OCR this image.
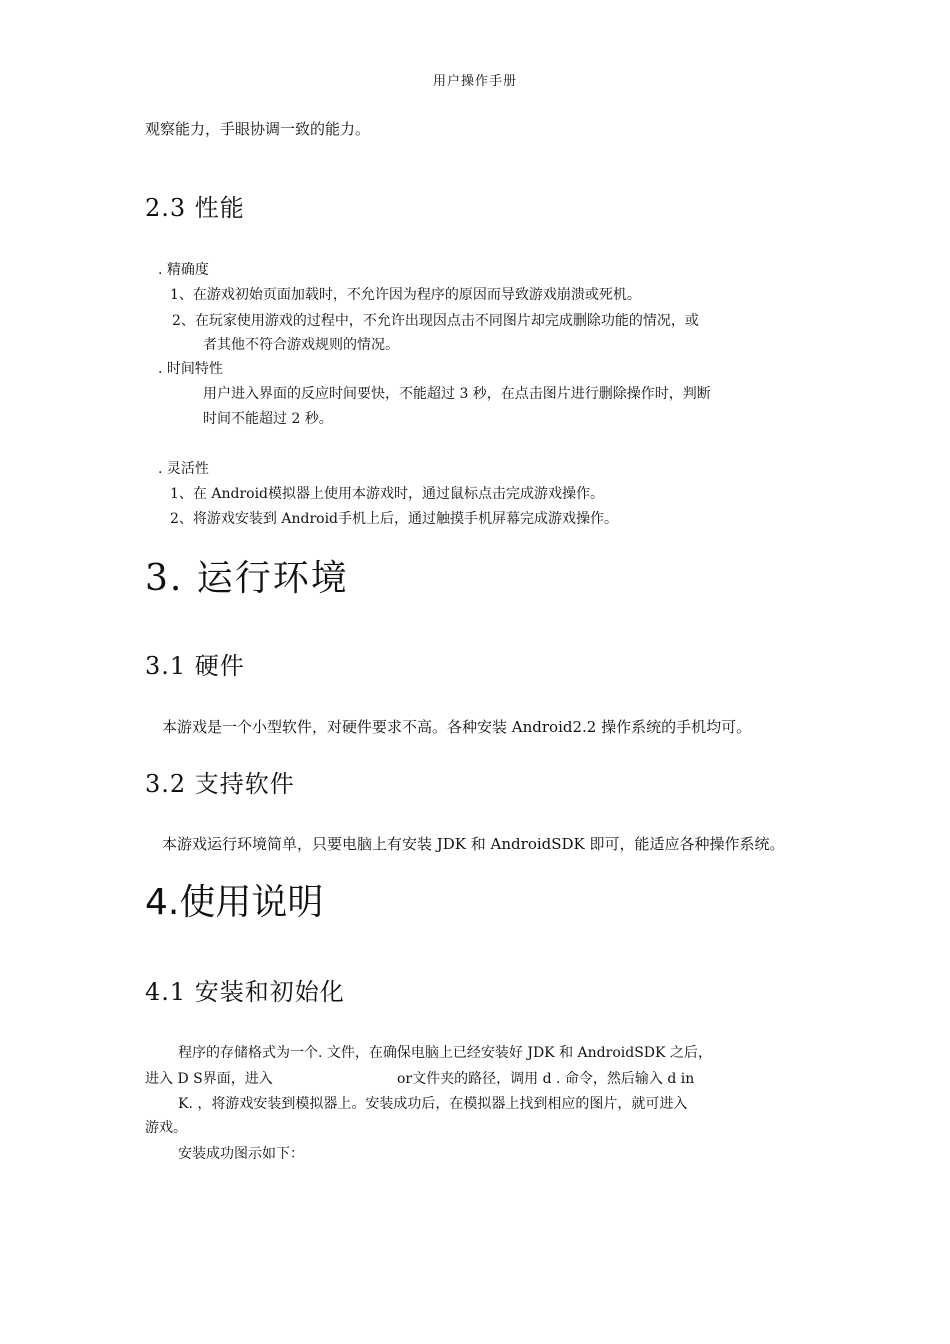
用户操作手册
观察能力，手眼协调一致的能力。
2.3 性能
. 精确度
1、在游戏初始页面加载时，不允许因为程序的原因而导致游戏崩溃或死机。
2、在玩家使用游戏的过程中，不允许出现因点击不同图片却完成删除功能的情况，或
者其他不符合游戏规则的情况。
. 时间特性
用户进入界面的反应时间要快，不能超过 3 秒，在点击图片进行删除操作时，判断
时间不能超过 2 秒。
. 灵活性
1、在 Android模拟器上使用本游戏时，通过鼠标点击完成游戏操作。
2、将游戏安装到 Android手机上后，通过触摸手机屏幕完成游戏操作。
3. 运行环境
3.1 硬件
本游戏是一个小型软件，对硬件要求不高。各种安装 Android2.2 操作系统的手机均可。
3.2 支持软件
本游戏运行环境简单，只要电脑上有安装 JDK 和 AndroidSDK 即可，能适应各种操作系统。
4.使用说明
4.1 安装和初始化
程序的存储格式为一个. 文件，在确保电脑上已经安装好 JDK 和 AndroidSDK 之后，
进入 D S界面，进入	or文件夹的路径，调用 d . 命令，然后输入 d in
K. ，将游戏安装到模拟器上。安装成功后，在模拟器上找到相应的图片，就可进入
游戏。
安装成功图示如下：
